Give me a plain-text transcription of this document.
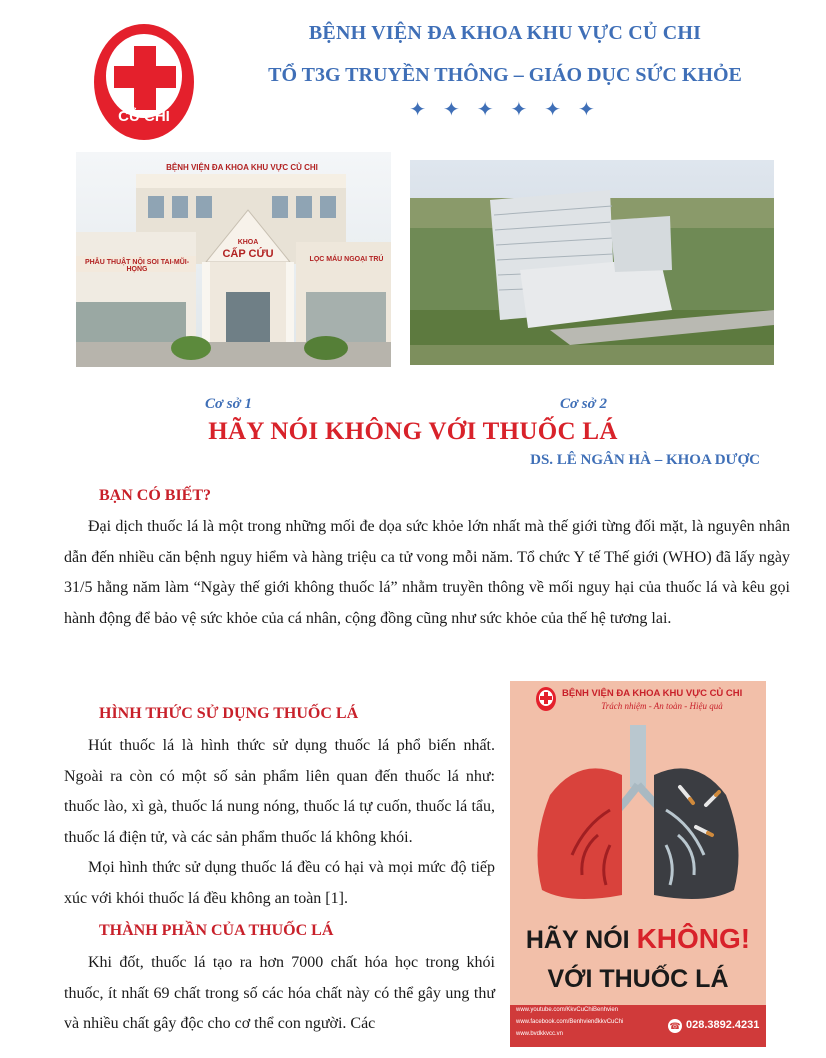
CỦ CHI
BỆNH VIỆN ĐA KHOA KHU VỰC CỦ CHI
TỔ T3G TRUYỀN THÔNG – GIÁO DỤC SỨC KHỎE
✦ ✦ ✦ ✦ ✦ ✦
BỆNH VIỆN ĐA KHOA KHU VỰC CỦ CHI
PHẪU THUẬT NỘI SOI TAI-MŨI-HỌNG
KHOA
CẤP CỨU	LỌC MÁU NGOẠI TRÚ
Cơ sở 1	Cơ sở 2
HÃY NÓI KHÔNG VỚI THUỐC LÁ
DS. LÊ NGÂN HÀ – KHOA DƯỢC
BẠN CÓ BIẾT?
Đại dịch thuốc lá là một trong những mối đe dọa sức khỏe lớn nhất mà thế giới từng đối mặt, là nguyên nhân dẫn đến nhiều căn bệnh nguy hiểm và hàng triệu ca tử vong mỗi năm. Tổ chức Y tế Thế giới (WHO) đã lấy ngày 31/5 hằng năm làm “Ngày thế giới không thuốc lá” nhằm truyền thông về mối nguy hại của thuốc lá và kêu gọi hành động để bảo vệ sức khỏe của cá nhân, cộng đồng cũng như sức khỏe của thế hệ tương lai.
HÌNH THỨC SỬ DỤNG THUỐC LÁ
Hút thuốc lá là hình thức sử dụng thuốc lá phổ biến nhất. Ngoài ra còn có một số sản phẩm liên quan đến thuốc lá như: thuốc lào, xì gà, thuốc lá nung nóng, thuốc lá tự cuốn, thuốc lá tẩu, thuốc lá điện tử, và các sản phẩm thuốc lá không khói.
Mọi hình thức sử dụng thuốc lá đều có hại và mọi mức độ tiếp xúc với khói thuốc lá đều không an toàn [1].
THÀNH PHẦN CỦA THUỐC LÁ
Khi đốt, thuốc lá tạo ra hơn 7000 chất hóa học trong khói thuốc, ít nhất 69 chất trong số các hóa chất này có thể gây ung thư và nhiều chất gây độc cho cơ thể con người. Các
BỆNH VIỆN ĐA KHOA KHU VỰC CỦ CHI
Trách nhiệm - An toàn - Hiệu quả
HÃY NÓI KHÔNG!
VỚI THUỐC LÁ
www.youtube.com/KkvCuChiBenhvien
www.facebook.com/BenhvienđkkvCuChi
www.bvdkkvcc.vn
☎ 028.3892.4231
